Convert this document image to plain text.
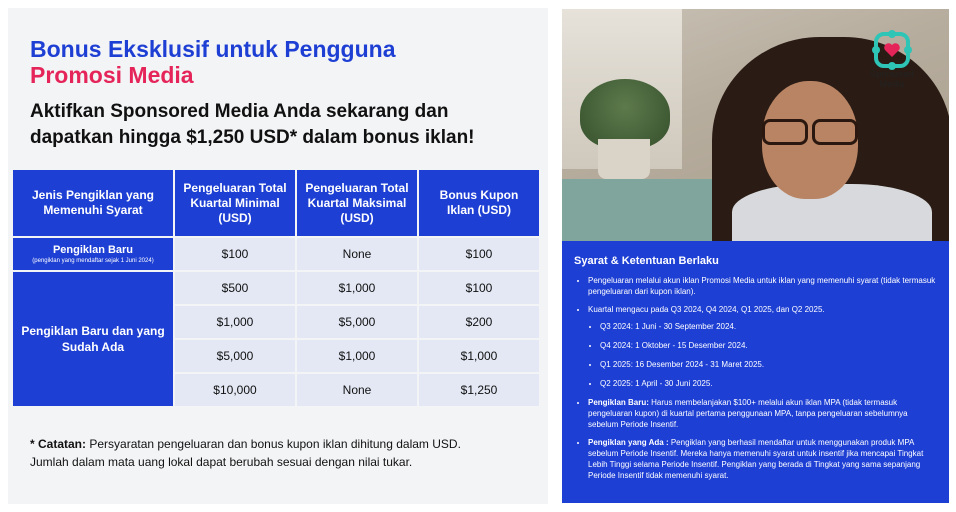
Bonus Eksklusif untuk Pengguna
Promosi Media
Aktifkan Sponsored Media Anda sekarang dan
dapatkan hingga $1,250 USD* dalam bonus iklan!
Jenis Pengiklan yang Memenuhi Syarat	Pengeluaran Total Kuartal Minimal (USD)	Pengeluaran Total Kuartal Maksimal (USD)	Bonus Kupon Iklan (USD)

Pengiklan Baru
(pengiklan yang mendaftar sejak 1 Juni 2024)	$100	None	$100
Pengiklan Baru dan yang Sudah Ada	$500	$1,000	$100
	$1,000	$5,000	$200
	$5,000	$1,000	$1,000
	$10,000	None	$1,250
* Catatan: Persyaratan pengeluaran dan bonus kupon iklan dihitung dalam USD.
Jumlah dalam mata uang lokal dapat berubah sesuai dengan nilai tukar.
Sponsored
Media
Syarat & Ketentuan Berlaku
• Pengeluaran melalui akun iklan Promosi Media untuk iklan yang memenuhi syarat (tidak termasuk pengeluaran dari kupon iklan).
• Kuartal mengacu pada Q3 2024, Q4 2024, Q1 2025, dan Q2 2025.
• Q3 2024: 1 Juni - 30 September 2024.
• Q4 2024: 1 Oktober - 15 Desember 2024.
• Q1 2025: 16 Desember 2024 - 31 Maret 2025.
• Q2 2025: 1 April - 30 Juni 2025.
• Pengiklan Baru: Harus membelanjakan $100+ melalui akun iklan MPA (tidak termasuk pengeluaran kupon) di kuartal pertama penggunaan MPA, tanpa pengeluaran sebelumnya sebelum Periode Insentif.
• Pengiklan yang Ada : Pengiklan yang berhasil mendaftar untuk menggunakan produk MPA sebelum Periode Insentif. Mereka hanya memenuhi syarat untuk insentif jika mencapai Tingkat Lebih Tinggi selama Periode Insentif. Pengiklan yang berada di Tingkat yang sama sepanjang Periode Insentif tidak memenuhi syarat.
